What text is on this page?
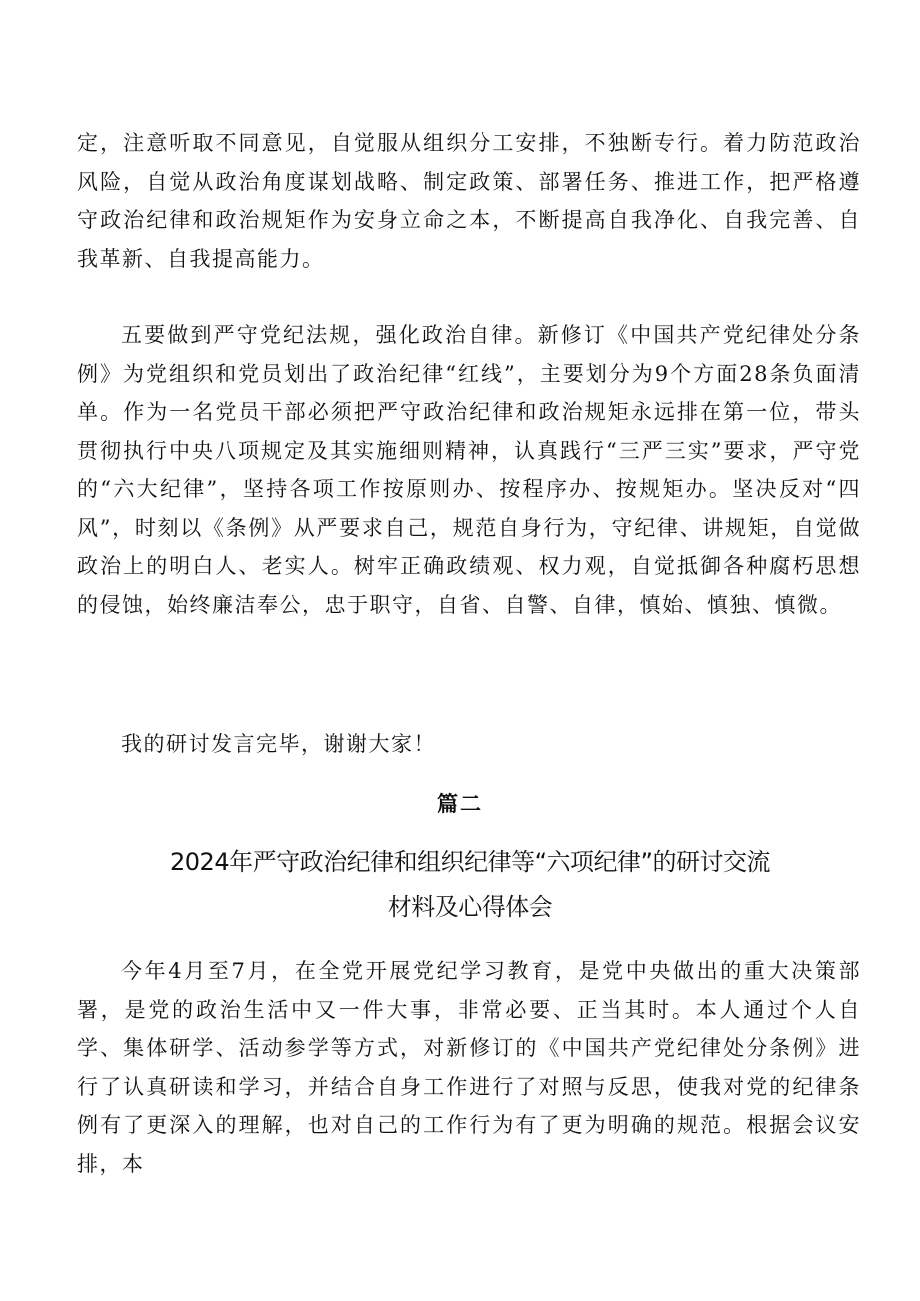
定，注意听取不同意见，自觉服从组织分工安排，不独断专行。着力防范政治风险，自觉从政治角度谋划战略、制定政策、部署任务、推进工作，把严格遵守政治纪律和政治规矩作为安身立命之本，不断提高自我净化、自我完善、自我革新、自我提高能力。

五要做到严守党纪法规，强化政治自律。新修订《中国共产党纪律处分条例》为党组织和党员划出了政治纪律“红线”，主要划分为9个方面28条负面清单。作为一名党员干部必须把严守政治纪律和政治规矩永远排在第一位，带头贯彻执行中央八项规定及其实施细则精神，认真践行“三严三实”要求，严守党的“六大纪律”，坚持各项工作按原则办、按程序办、按规矩办。坚决反对“四风”，时刻以《条例》从严要求自己，规范自身行为，守纪律、讲规矩，自觉做政治上的明白人、老实人。树牢正确政绩观、权力观，自觉抵御各种腐朽思想的侵蚀，始终廉洁奉公，忠于职守，自省、自警、自律，慎始、慎独、慎微。

我的研讨发言完毕，谢谢大家！

篇二

2024年严守政治纪律和组织纪律等“六项纪律”的研讨交流
材料及心得体会

今年4月至7月，在全党开展党纪学习教育，是党中央做出的重大决策部署，是党的政治生活中又一件大事，非常必要、正当其时。本人通过个人自学、集体研学、活动参学等方式，对新修订的《中国共产党纪律处分条例》进行了认真研读和学习，并结合自身工作进行了对照与反思，使我对党的纪律条例有了更深入的理解，也对自己的工作行为有了更为明确的规范。根据会议安排，本
